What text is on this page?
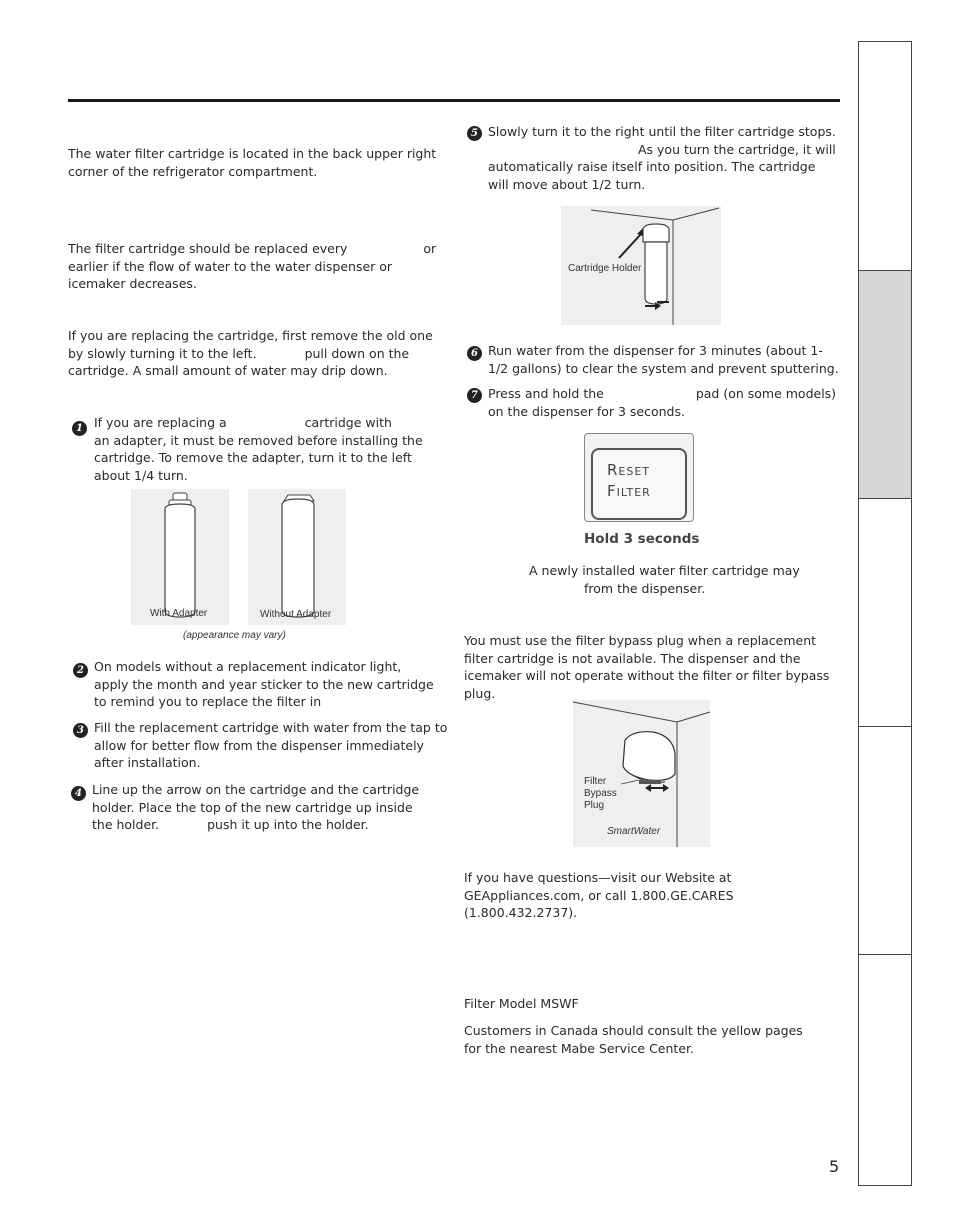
The water filter cartridge is located in the back upper right corner of the refrigerator compartment.
The filter cartridge should be replaced every	or
earlier if the flow of water to the water dispenser or icemaker decreases.
If you are replacing the cartridge, first remove the old one
by slowly turning it to the left.	pull down on the
cartridge. A small amount of water may drip down.
1 If you are replacing a	cartridge with
an adapter, it must be removed before installing the cartridge. To remove the adapter, turn it to the left about 1/4 turn.
With Adapter	Without Adapter
(appearance may vary)
2 On models without a replacement indicator light, apply the month and year sticker to the new cartridge to remind you to replace the filter in
3 Fill the replacement cartridge with water from the tap to allow for better flow from the dispenser immediately after installation.
4 Line up the arrow on the cartridge and the cartridge
holder. Place the top of the new cartridge up inside
the holder.	push it up into the holder.
5 Slowly turn it to the right until the filter cartridge stops.
As you turn the cartridge, it will
automatically raise itself into position. The cartridge will move about 1/2 turn.
Cartridge Holder
6 Run water from the dispenser for 3 minutes (about 1-1/2 gallons) to clear the system and prevent sputtering.
7 Press and hold the	pad (on some models)
on the dispenser for 3 seconds.
Reset
Filter
Hold 3 seconds
A newly installed water filter cartridge may
from the dispenser.
You must use the filter bypass plug when a replacement filter cartridge is not available. The dispenser and the icemaker will not operate without the filter or filter bypass plug.
Filter Bypass Plug
SmartWater
If you have questions—visit our Website at GEAppliances.com, or call 1.800.GE.CARES (1.800.432.2737).
Filter Model MSWF
Customers in Canada should consult the yellow pages for the nearest Mabe Service Center.
5
